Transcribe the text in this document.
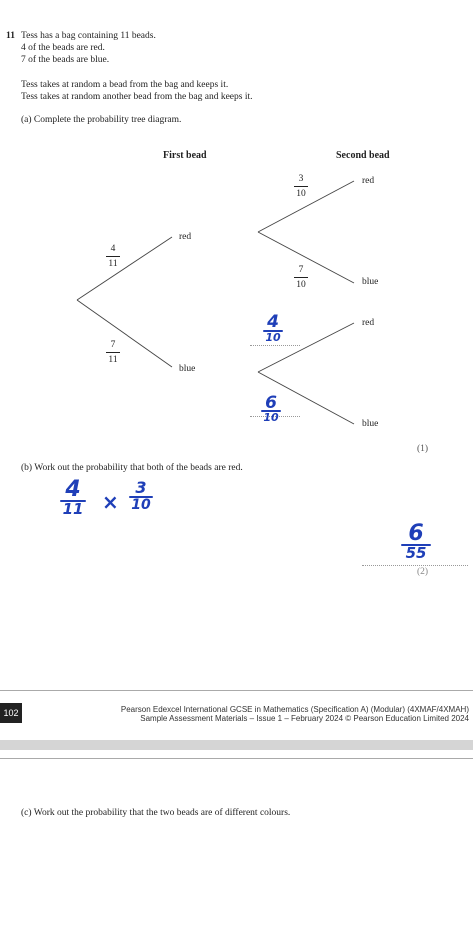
11 Tess has a bag containing 11 beads.
4 of the beads are red.
7 of the beads are blue.
Tess takes at random a bead from the bag and keeps it.
Tess takes at random another bead from the bag and keeps it.
(a) Complete the probability tree diagram.
First bead	Second bead
red
blue
4
11
7
11
3
10
7
10
red
blue
red
blue
4
10
6
10
(1)
(b) Work out the probability that both of the beads are red.
4
11 ×
3
10
6
55
(2)
102	Pearson Edexcel International GCSE in Mathematics (Specification A) (Modular) (4XMAF/4XMAH)
Sample Assessment Materials – Issue 1 – February 2024 © Pearson Education Limited 2024
(c) Work out the probability that the two beads are of different colours.
